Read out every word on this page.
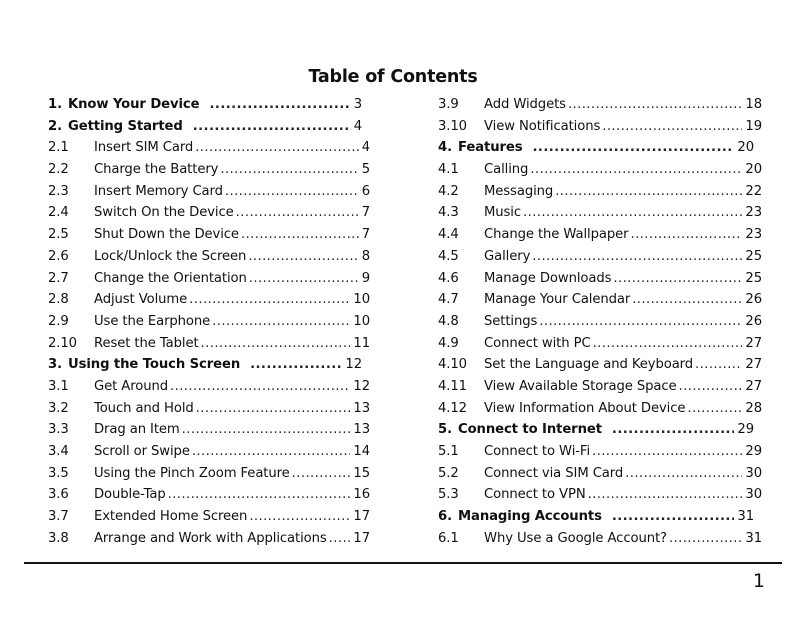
Table of Contents
1. Know Your Device .....	3
2. Getting Started .....	4
2.1	Insert SIM Card .....	4
2.2	Charge the Battery .....	5
2.3	Insert Memory Card .....	6
2.4	Switch On the Device .....	7
2.5	Shut Down the Device .....	7
2.6	Lock/Unlock the Screen .....	8
2.7	Change the Orientation .....	9
2.8	Adjust Volume .....	10
2.9	Use the Earphone .....	10
2.10	Reset the Tablet .....	11
3. Using the Touch Screen .....	12
3.1	Get Around .....	12
3.2	Touch and Hold .....	13
3.3	Drag an Item .....	13
3.4	Scroll or Swipe .....	14
3.5	Using the Pinch Zoom Feature .....	15
3.6	Double-Tap .....	16
3.7	Extended Home Screen .....	17
3.8	Arrange and Work with Applications ..... 17
3.9	Add Widgets .....	18
3.10	View Notifications .....	19
4. Features .....	20
4.1	Calling .....	20
4.2	Messaging .....	22
4.3	Music .....	23
4.4	Change the Wallpaper .....	23
4.5	Gallery .....	25
4.6	Manage Downloads .....	25
4.7	Manage Your Calendar .....	26
4.8	Settings .....	26
4.9	Connect with PC .....	27
4.10	Set the Language and Keyboard .....	27
4.11	View Available Storage Space .....	27
4.12	View Information About Device .....	28
5. Connect to Internet .....	29
5.1	Connect to Wi-Fi .....	29
5.2	Connect via SIM Card .....	30
5.3	Connect to VPN .....	30
6. Managing Accounts .....	31
6.1	Why Use a Google Account? .....	31
1
